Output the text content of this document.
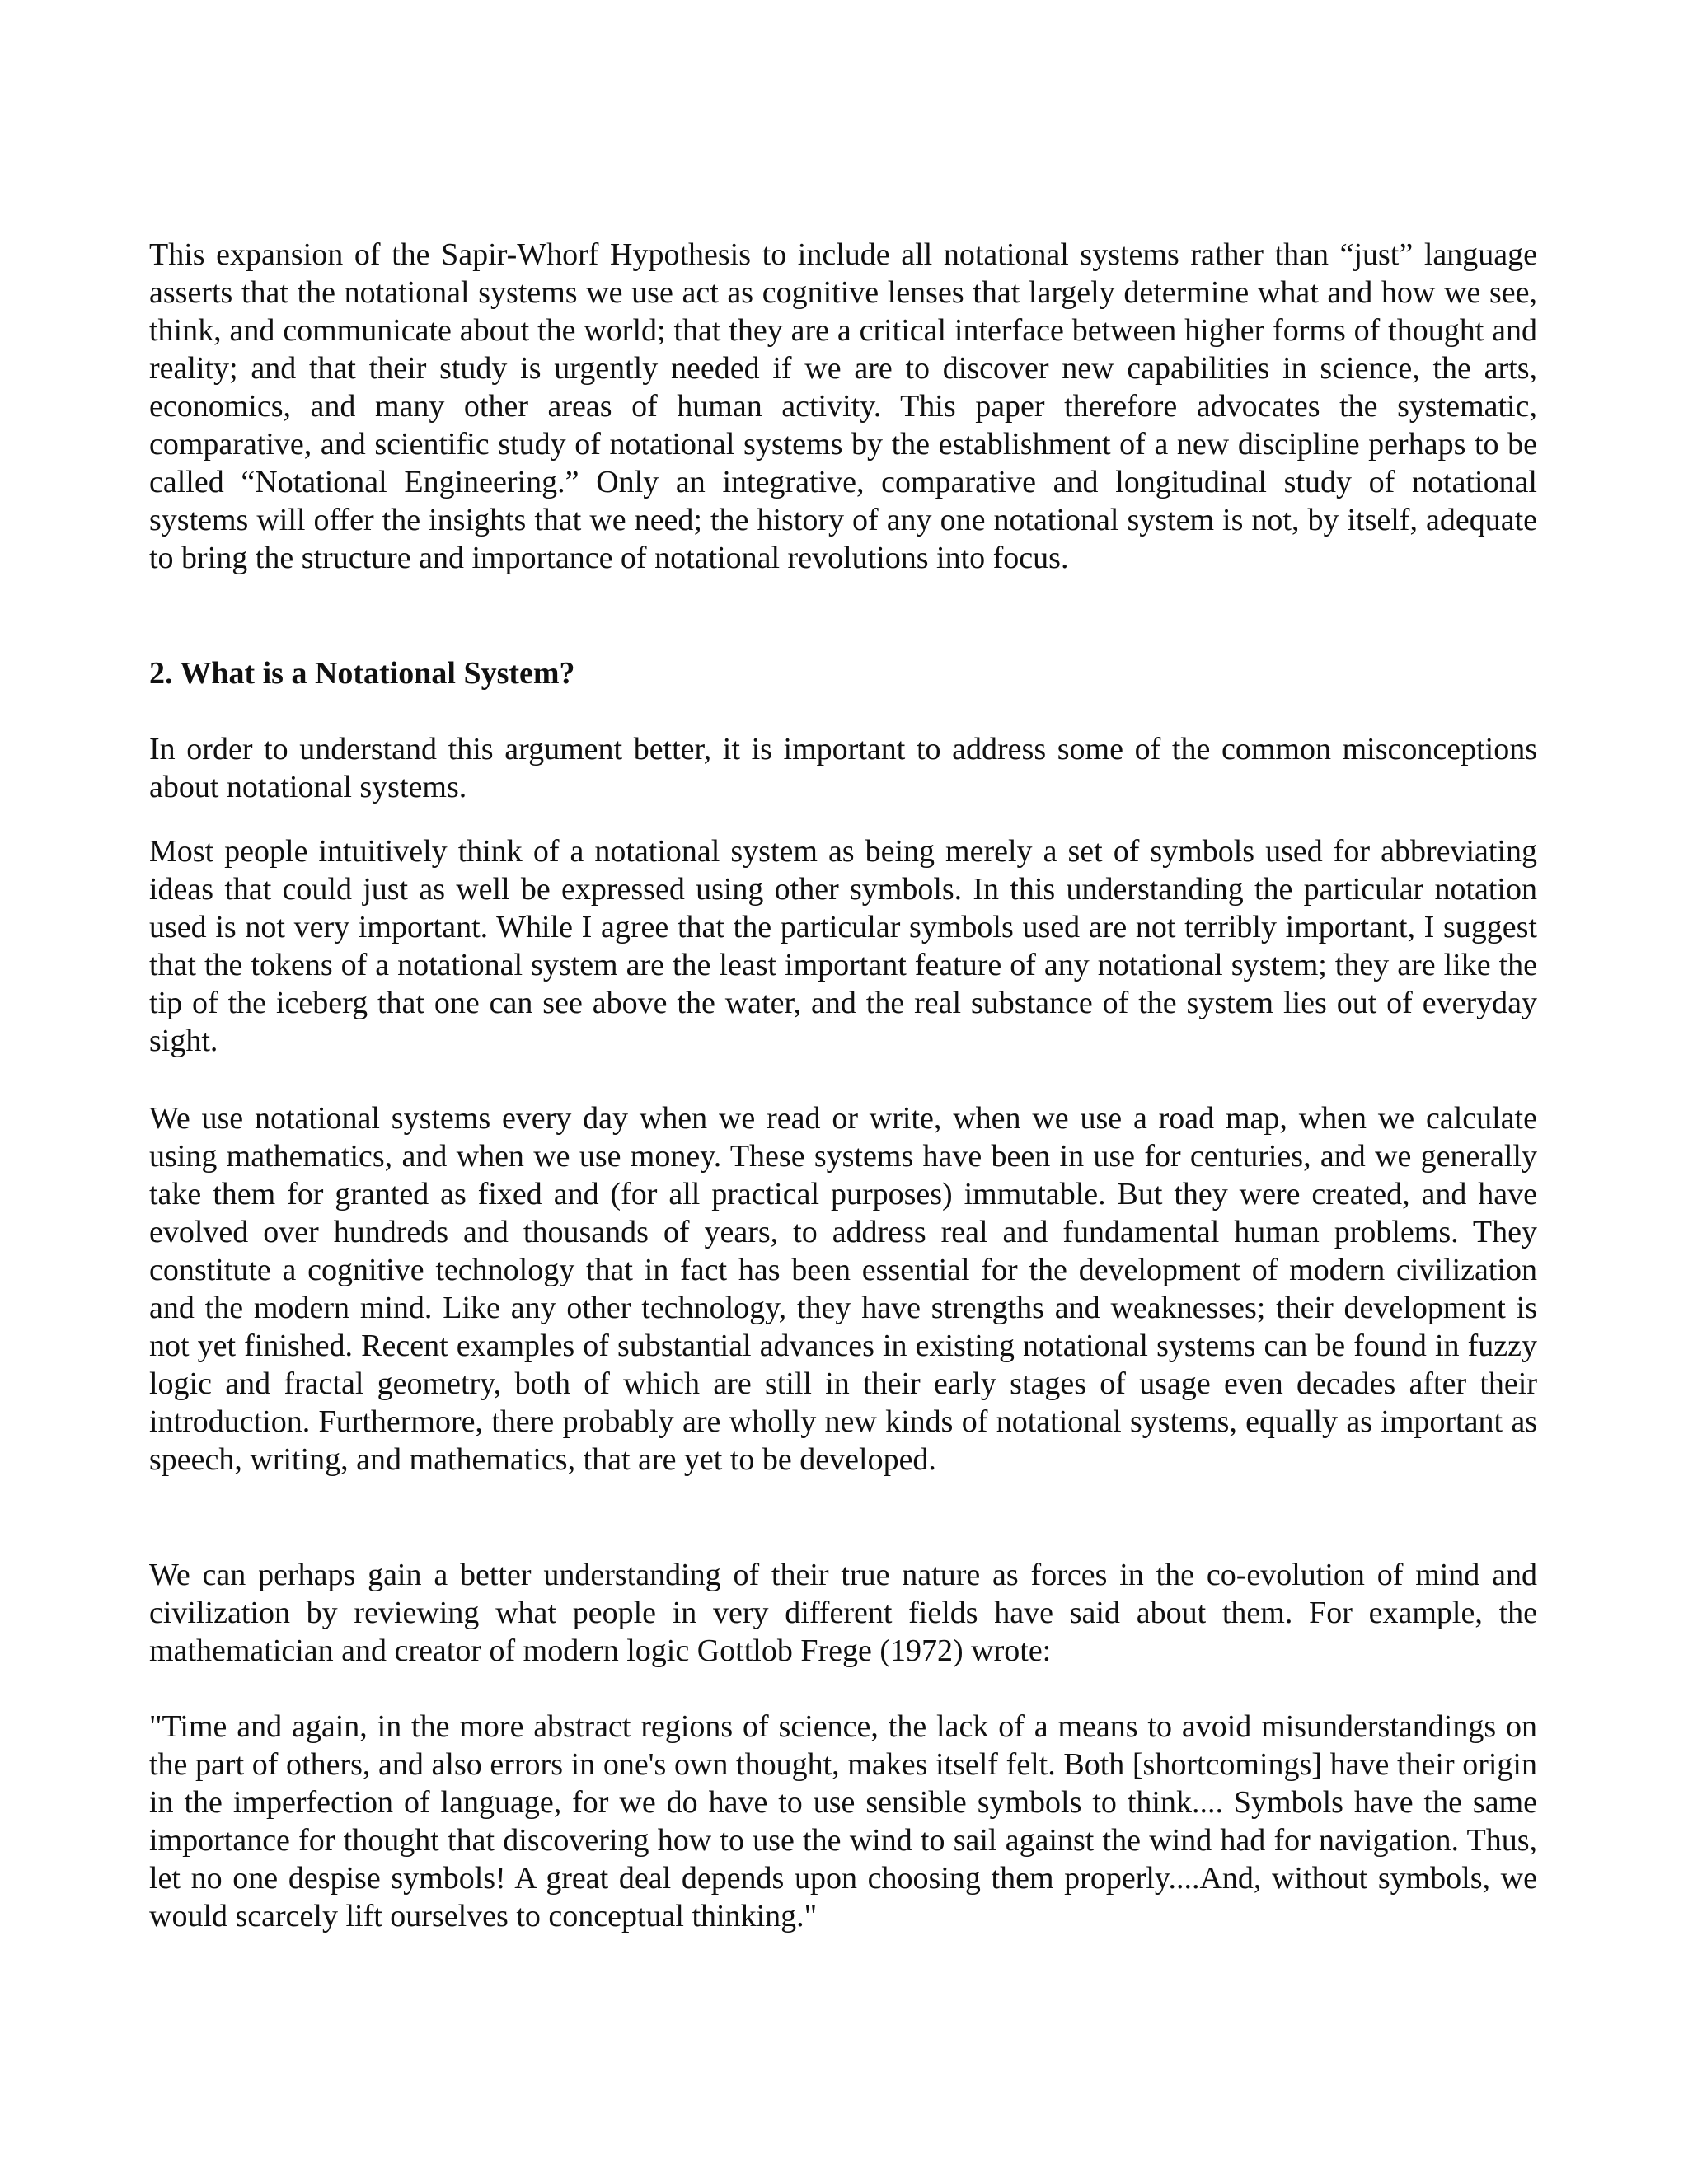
This expansion of the Sapir-Whorf Hypothesis to include all notational systems rather than “just” language asserts that the notational systems we use act as cognitive lenses that largely determine what and how we see, think, and communicate about the world; that they are a critical interface between higher forms of thought and reality; and that their study is urgently needed if we are to discover new capabilities in science, the arts, economics, and many other areas of human activity. This paper therefore advocates the systematic, comparative, and scientific study of notational systems by the establishment of a new discipline perhaps to be called “Notational Engineering.” Only an integrative, comparative and longitudinal study of notational systems will offer the insights that we need; the history of any one notational system is not, by itself, adequate to bring the structure and importance of notational revolutions into focus.

2. What is a Notational System?

In order to understand this argument better, it is important to address some of the common misconceptions about notational systems.

Most people intuitively think of a notational system as being merely a set of symbols used for abbreviating ideas that could just as well be expressed using other symbols. In this understanding the particular notation used is not very important. While I agree that the particular symbols used are not terribly important, I suggest that the tokens of a notational system are the least important feature of any notational system; they are like the tip of the iceberg that one can see above the water, and the real substance of the system lies out of everyday sight.

We use notational systems every day when we read or write, when we use a road map, when we calculate using mathematics, and when we use money. These systems have been in use for centuries, and we generally take them for granted as fixed and (for all practical purposes) immutable. But they were created, and have evolved over hundreds and thousands of years, to address real and fundamental human problems. They constitute a cognitive technology that in fact has been essential for the development of modern civilization and the modern mind. Like any other technology, they have strengths and weaknesses; their development is not yet finished. Recent examples of substantial advances in existing notational systems can be found in fuzzy logic and fractal geometry, both of which are still in their early stages of usage even decades after their introduction. Furthermore, there probably are wholly new kinds of notational systems, equally as important as speech, writing, and mathematics, that are yet to be developed.

We can perhaps gain a better understanding of their true nature as forces in the co-evolution of mind and civilization by reviewing what people in very different fields have said about them. For example, the mathematician and creator of modern logic Gottlob Frege (1972) wrote:

"Time and again, in the more abstract regions of science, the lack of a means to avoid misunderstandings on the part of others, and also errors in one's own thought, makes itself felt. Both [shortcomings] have their origin in the imperfection of language, for we do have to use sensible symbols to think.... Symbols have the same importance for thought that discovering how to use the wind to sail against the wind had for navigation. Thus, let no one despise symbols! A great deal depends upon choosing them properly....And, without symbols, we would scarcely lift ourselves to conceptual thinking."
